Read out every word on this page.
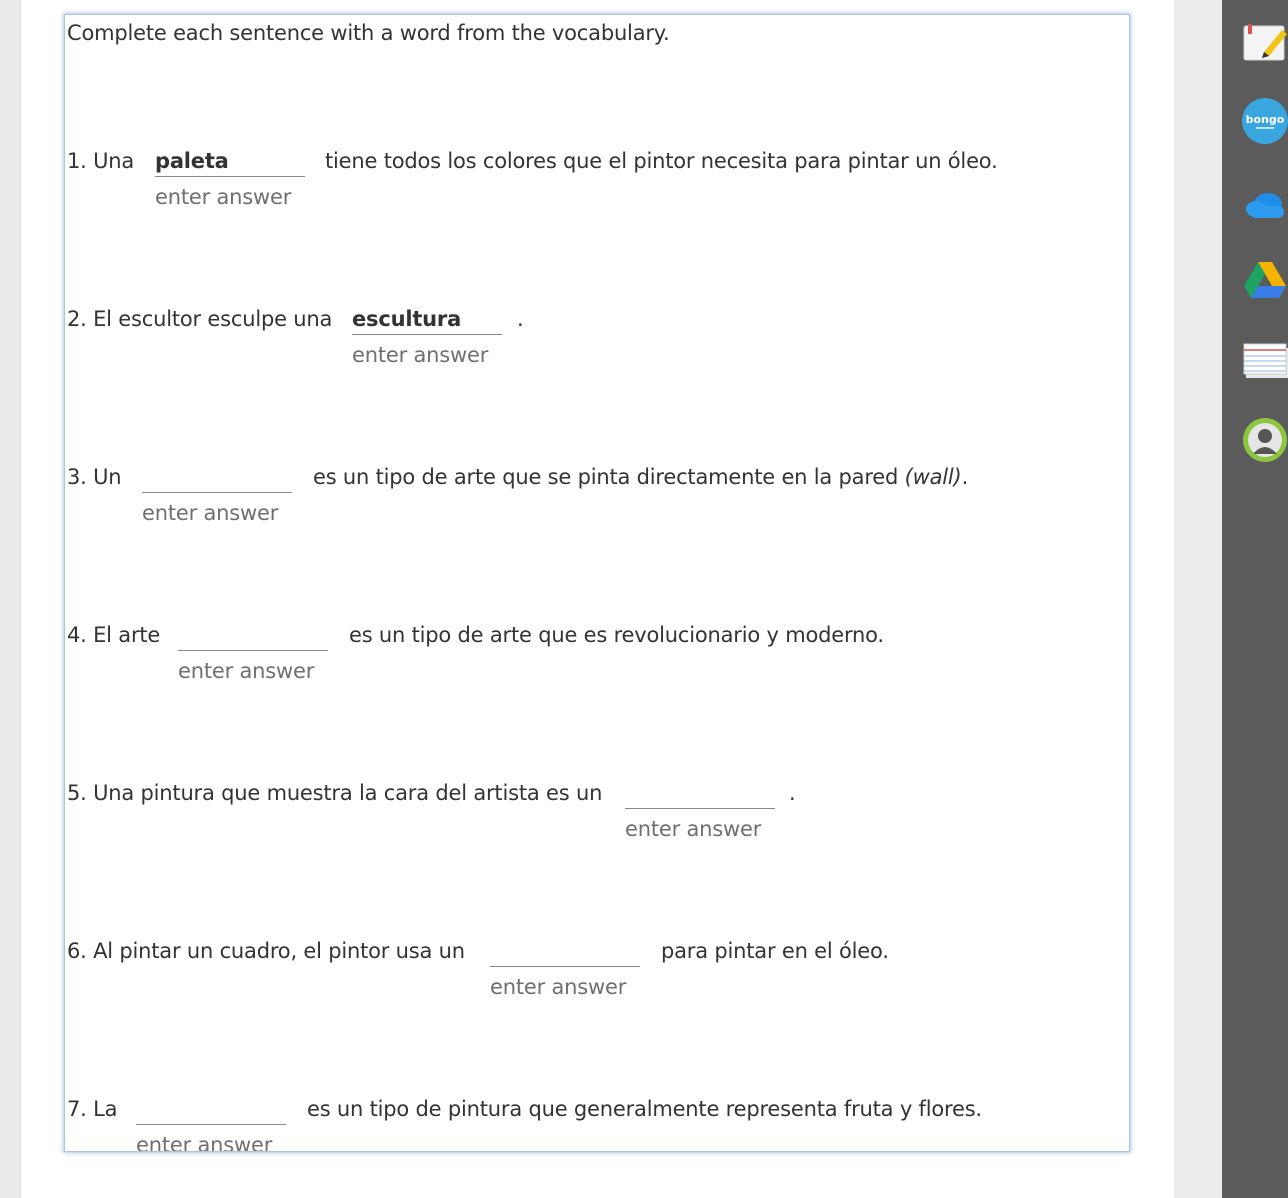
Complete each sentence with a word from the vocabulary.
1. Una paleta	tiene todos los colores que el pintor necesita para pintar un óleo.
enter answer
2. El escultor esculpe una escultura	.
enter answer
3. Un	es un tipo de arte que se pinta directamente en la pared (wall).
enter answer
4. El arte	es un tipo de arte que es revolucionario y moderno.
enter answer
5. Una pintura que muestra la cara del artista es un	.
enter answer
6. Al pintar un cuadro, el pintor usa un	para pintar en el óleo.
enter answer
7. La	es un tipo de pintura que generalmente representa fruta y flores.
enter answer
bongo
